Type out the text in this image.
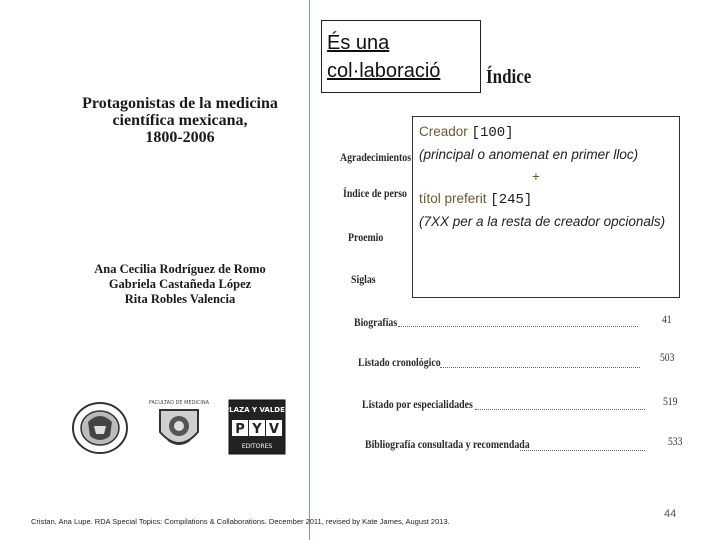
Protagonistas de la medicina
científica mexicana,
1800-2006
Ana Cecilia Rodríguez de Romo
Gabriela Castañeda López
Rita Robles Valencia
FACULTAD DE MEDICINA
PLAZA Y VALDES
P Y V
EDITORES
Índice
Agradecimientos
Índice de perso
Proemio
Siglas
Biografías	41
Listado cronológico	503
Listado por especialidades	519
Bibliografía consultada y recomendada	533
És una
col·laboració
Creador [100]
(principal o anomenat en primer lloc)
+
títol preferit [245]
(7XX per a la resta de creador opcionals)
Cristan, Ana Lupe. RDA Special Topics: Compilations & Collaborations. December 2011, revised by Kate James, August 2013.
44
